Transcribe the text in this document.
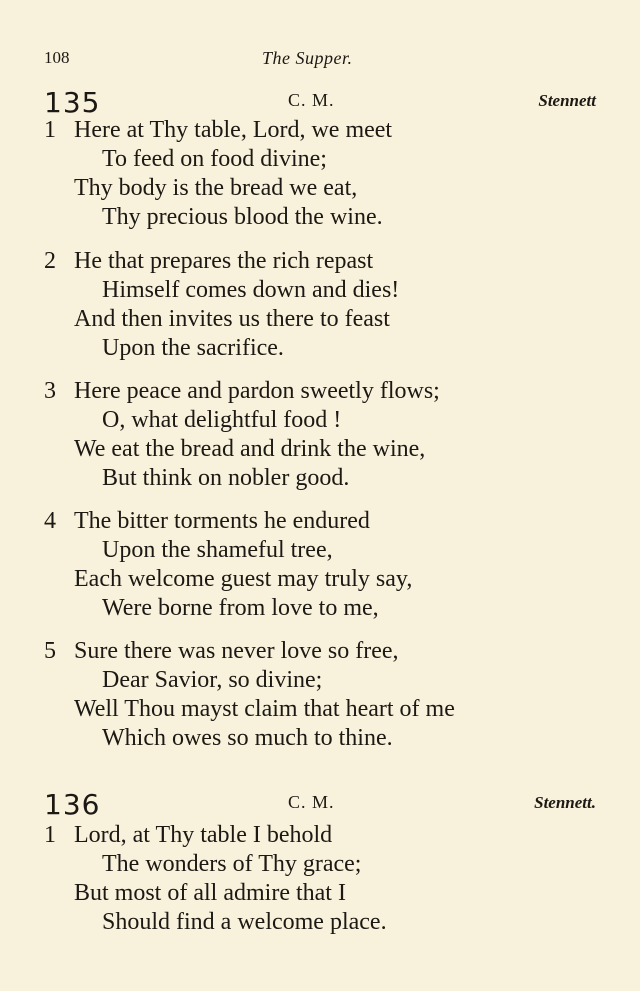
108	The Supper.
135	C. M.	Stennett
1 Here at Thy table, Lord, we meet
To feed on food divine;
Thy body is the bread we eat,
Thy precious blood the wine.
2 He that prepares the rich repast
Himself comes down and dies!
And then invites us there to feast
Upon the sacrifice.
3 Here peace and pardon sweetly flows;
O, what delightful food !
We eat the bread and drink the wine,
But think on nobler good.
4 The bitter torments he endured
Upon the shameful tree,
Each welcome guest may truly say,
Were borne from love to me,
5 Sure there was never love so free,
Dear Savior, so divine;
Well Thou mayst claim that heart of me
Which owes so much to thine.
136	C. M.	Stennett.
1 Lord, at Thy table I behold
The wonders of Thy grace;
But most of all admire that I
Should find a welcome place.
